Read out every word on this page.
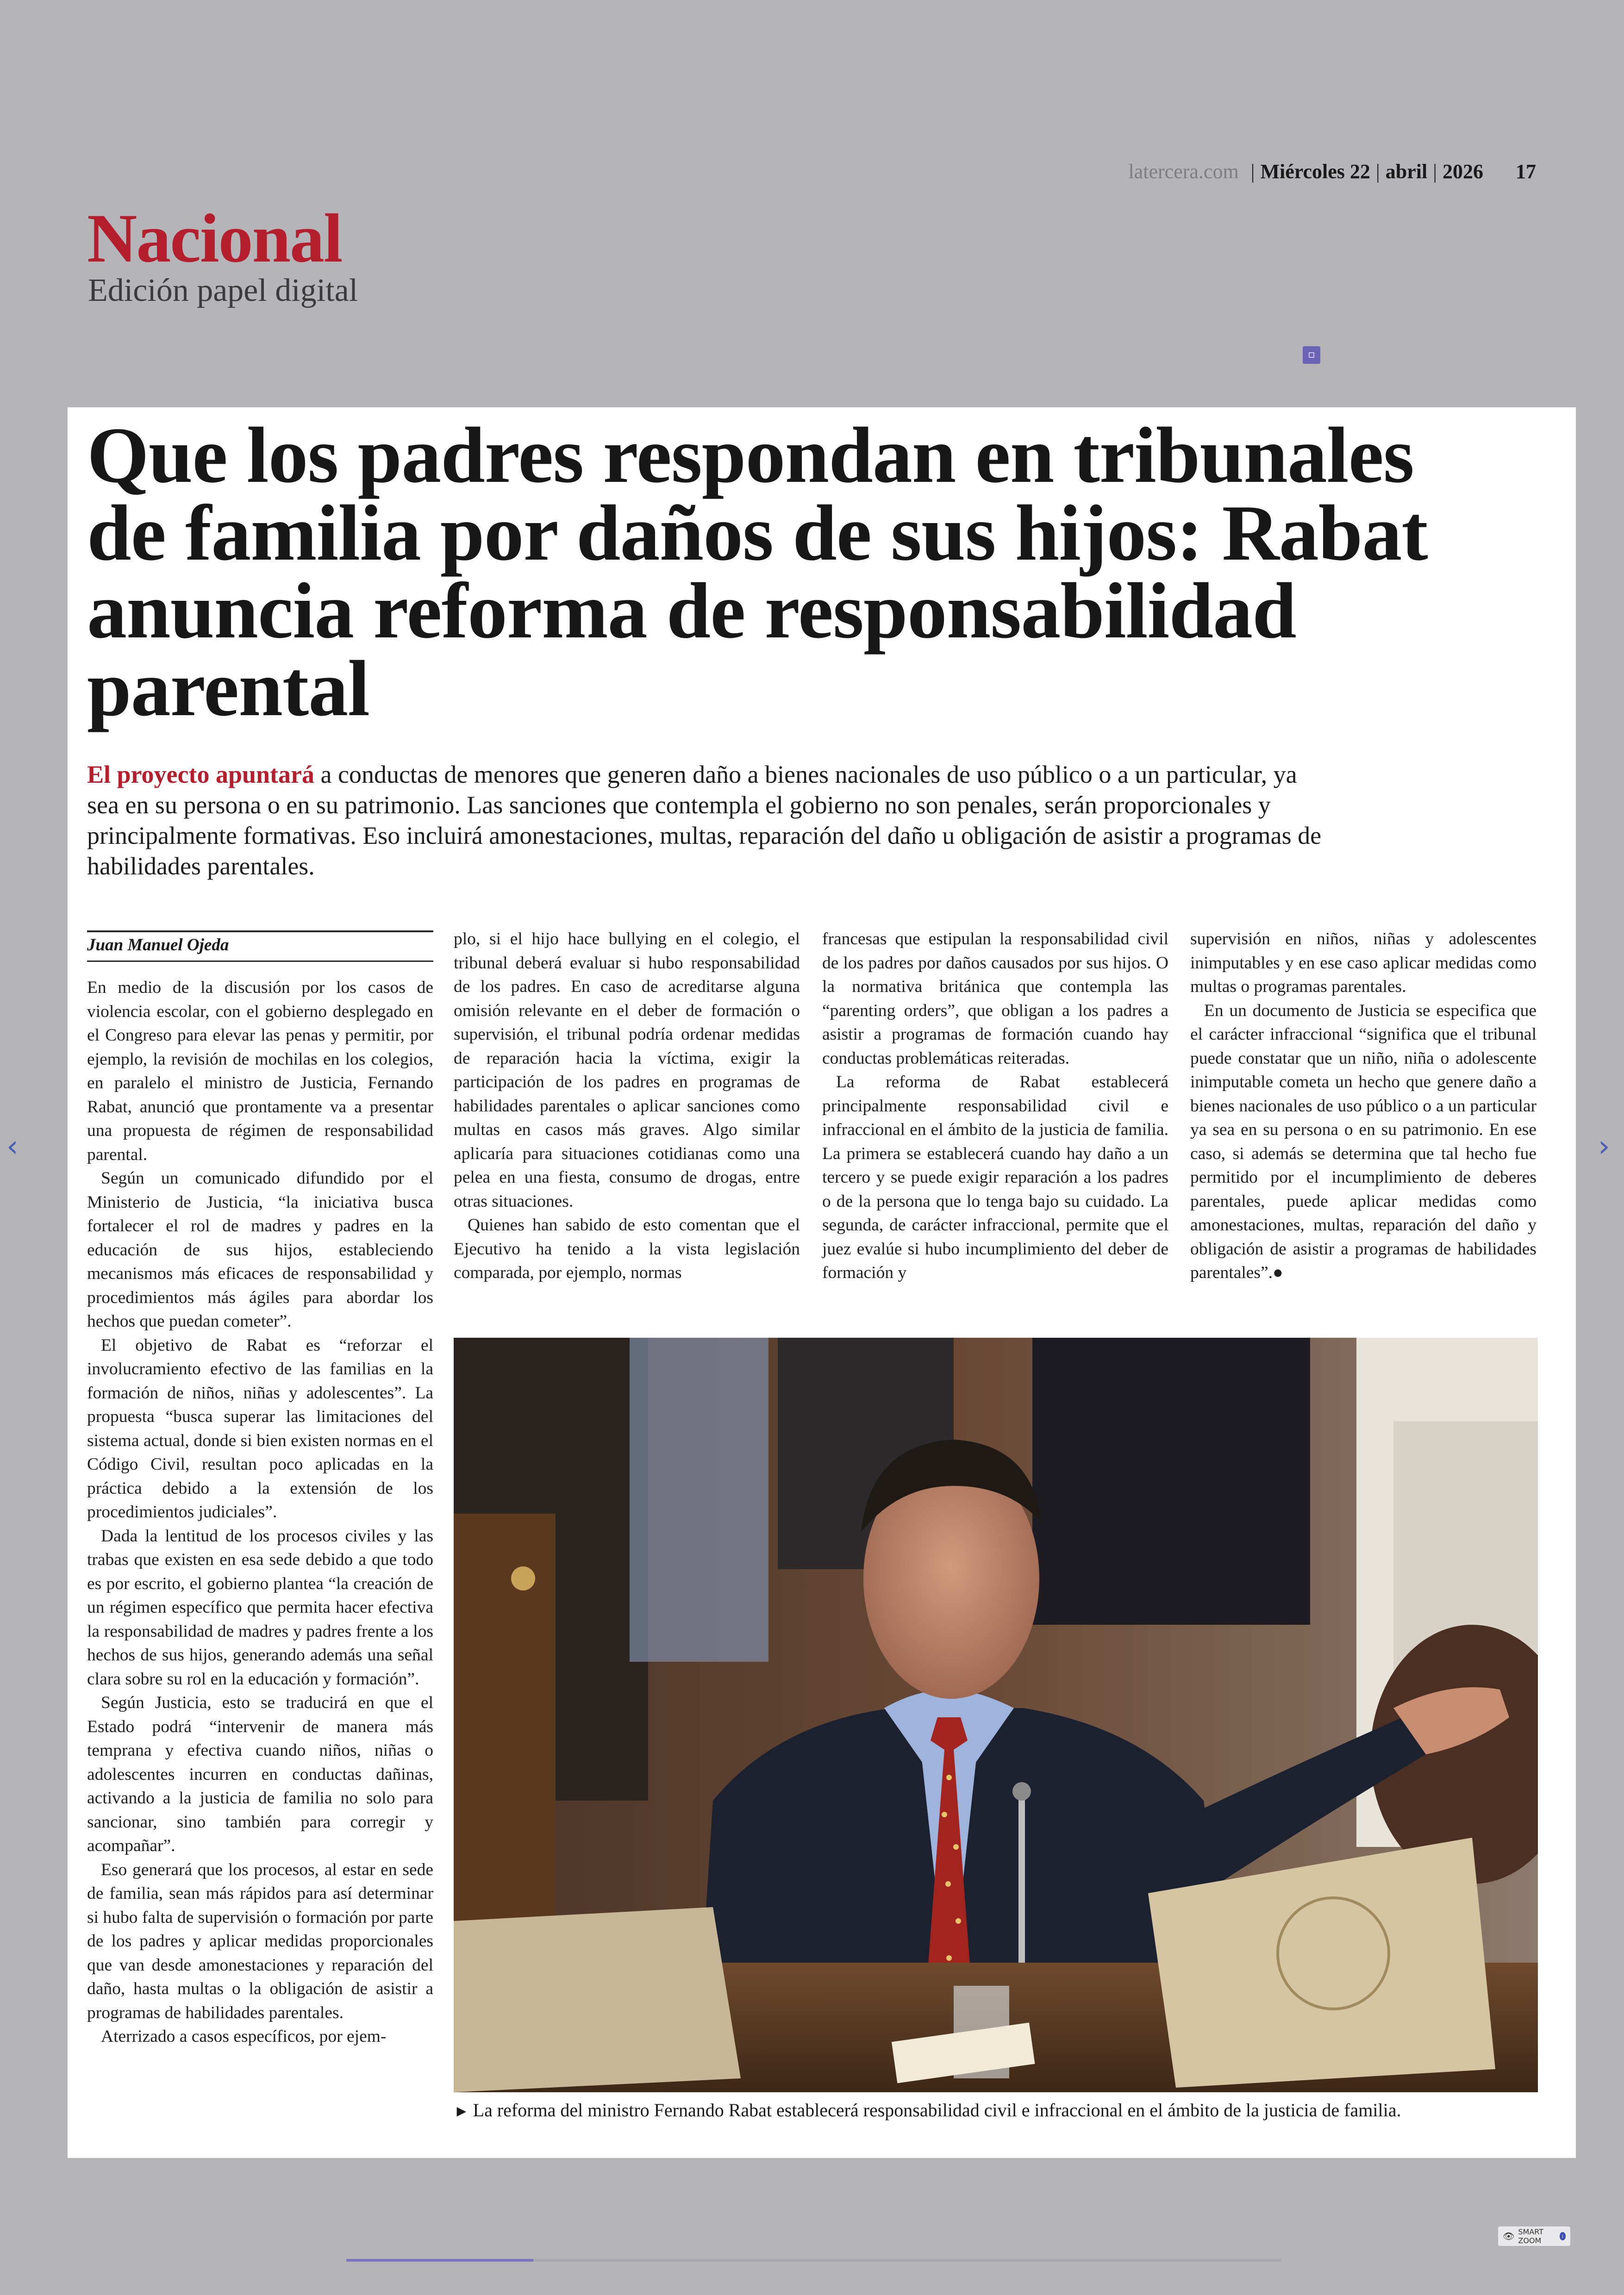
latercera.com | Miércoles 22 | abril | 2026 17
Nacional
Edición papel digital
Que los padres respondan en tribunales de familia por daños de sus hijos: Rabat anuncia reforma de responsabilidad parental
El proyecto apuntará a conductas de menores que generen daño a bienes nacionales de uso público o a un particular, ya sea en su persona o en su patrimonio. Las sanciones que contempla el gobierno no son penales, serán proporcionales y principalmente formativas. Eso incluirá amonestaciones, multas, reparación del daño u obligación de asistir a programas de habilidades parentales.
Juan Manuel Ojeda

En medio de la discusión por los casos de violencia escolar, con el gobierno desplegado en el Congreso para elevar las penas y permitir, por ejemplo, la revisión de mochilas en los colegios, en paralelo el ministro de Justicia, Fernando Rabat, anunció que prontamente va a presentar una propuesta de régimen de responsabilidad parental.

Según un comunicado difundido por el Ministerio de Justicia, “la iniciativa busca fortalecer el rol de madres y padres en la educación de sus hijos, estableciendo mecanismos más eficaces de responsabilidad y procedimientos más ágiles para abordar los hechos que puedan cometer”.

El objetivo de Rabat es “reforzar el involucramiento efectivo de las familias en la formación de niños, niñas y adolescentes”. La propuesta “busca superar las limitaciones del sistema actual, donde si bien existen normas en el Código Civil, resultan poco aplicadas en la práctica debido a la extensión de los procedimientos judiciales”.

Dada la lentitud de los procesos civiles y las trabas que existen en esa sede debido a que todo es por escrito, el gobierno plantea “la creación de un régimen específico que permita hacer efectiva la responsabilidad de madres y padres frente a los hechos de sus hijos, generando además una señal clara sobre su rol en la educación y formación”.

Según Justicia, esto se traducirá en que el Estado podrá “intervenir de manera más temprana y efectiva cuando niños, niñas o adolescentes incurren en conductas dañinas, activando a la justicia de familia no solo para sancionar, sino también para corregir y acompañar”.

Eso generará que los procesos, al estar en sede de familia, sean más rápidos para así determinar si hubo falta de supervisión o formación por parte de los padres y aplicar medidas proporcionales que van desde amonestaciones y reparación del daño, hasta multas o la obligación de asistir a programas de habilidades parentales.

Aterrizado a casos específicos, por ejem-

plo, si el hijo hace bullying en el colegio, el tribunal deberá evaluar si hubo responsabilidad de los padres. En caso de acreditarse alguna omisión relevante en el deber de formación o supervisión, el tribunal podría ordenar medidas de reparación hacia la víctima, exigir la participación de los padres en programas de habilidades parentales o aplicar sanciones como multas en casos más graves. Algo similar aplicaría para situaciones cotidianas como una pelea en una fiesta, consumo de drogas, entre otras situaciones.

Quienes han sabido de esto comentan que el Ejecutivo ha tenido a la vista legislación comparada, por ejemplo, normas

francesas que estipulan la responsabilidad civil de los padres por daños causados por sus hijos. O la normativa británica que contempla las “parenting orders”, que obligan a los padres a asistir a programas de formación cuando hay conductas problemáticas reiteradas.

La reforma de Rabat establecerá principalmente responsabilidad civil e infraccional en el ámbito de la justicia de familia. La primera se establecerá cuando hay daño a un tercero y se puede exigir reparación a los padres o de la persona que lo tenga bajo su cuidado. La segunda, de carácter infraccional, permite que el juez evalúe si hubo incumplimiento del deber de formación y

supervisión en niños, niñas y adolescentes inimputables y en ese caso aplicar medidas como multas o programas parentales.

En un documento de Justicia se especifica que el carácter infraccional “significa que el tribunal puede constatar que un niño, niña o adolescente inimputable cometa un hecho que genere daño a bienes nacionales de uso público o a un particular ya sea en su persona o en su patrimonio. En ese caso, si además se determina que tal hecho fue permitido por el incumplimiento de deberes parentales, puede aplicar medidas como amonestaciones, multas, reparación del daño y obligación de asistir a programas de habilidades parentales”.●

► La reforma del ministro Fernando Rabat establecerá responsabilidad civil e infraccional en el ámbito de la justicia de familia.
‹	›
👁 SMART ZOOM	i
